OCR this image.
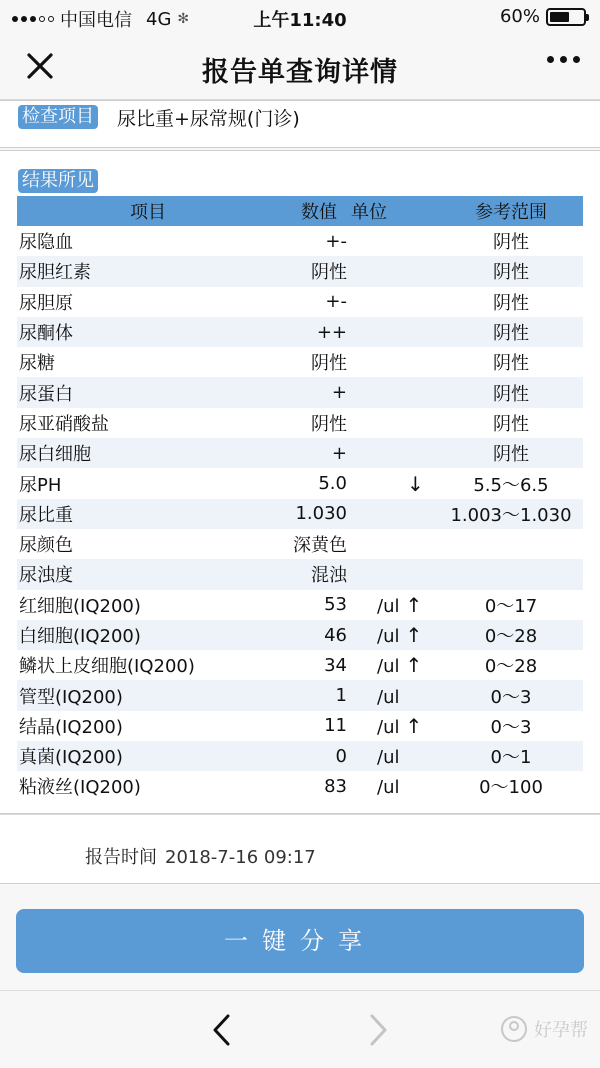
中国电信 4G ✻	上午11:40	60%
报告单查询详情
检查项目 尿比重+尿常规(门诊)
结果所见
项目	数值	单位	参考范围
尿隐血	+-		阴性
尿胆红素	阴性		阴性
尿胆原	+-		阴性
尿酮体	++		阴性
尿糖	阴性		阴性
尿蛋白	+		阴性
尿亚硝酸盐	阴性		阴性
尿白细胞	+		阴性
尿PH	5.0	↓	5.5～6.5
尿比重	1.030		1.003～1.030
尿颜色	深黄色		
尿浊度	混浊		
红细胞(IQ200)	53	/ul ↑	0～17
白细胞(IQ200)	46	/ul ↑	0～28
鳞状上皮细胞(IQ200)	34	/ul ↑	0～28
管型(IQ200)	1	/ul	0～3
结晶(IQ200)	11	/ul ↑	0～3
真菌(IQ200)	0	/ul	0～1
粘液丝(IQ200)	83	/ul	0～100
报告时间 2018-7-16 09:17
一键分享
好孕帮
